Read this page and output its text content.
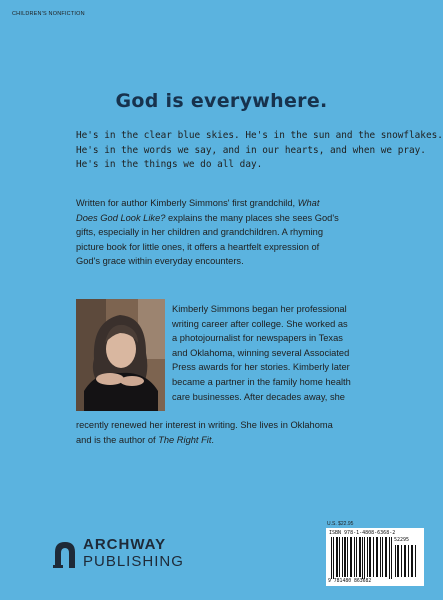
CHILDREN'S NONFICTION
God is everywhere.
He's in the clear blue skies. He's in the sun and the snowflakes.
He's in the words we say, and in our hearts, and when we pray.
He's in the things we do all day.
Written for author Kimberly Simmons' first grandchild, What
Does God Look Like? explains the many places she sees God's
gifts, especially in her children and grandchildren. A rhyming
picture book for little ones, it offers a heartfelt expression of
God's grace within everyday encounters.
Kimberly Simmons began her professional
writing career after college. She worked as
a photojournalist for newspapers in Texas
and Oklahoma, winning several Associated
Press awards for her stories. Kimberly later
became a partner in the family home health
care businesses. After decades away, she
recently renewed her interest in writing. She lives in Oklahoma
and is the author of The Right Fit.
ARCHWAY
PUBLISHING
U.S. $22.95
ISBN 978-1-4808-6368-2
52295
9 781480 863682
